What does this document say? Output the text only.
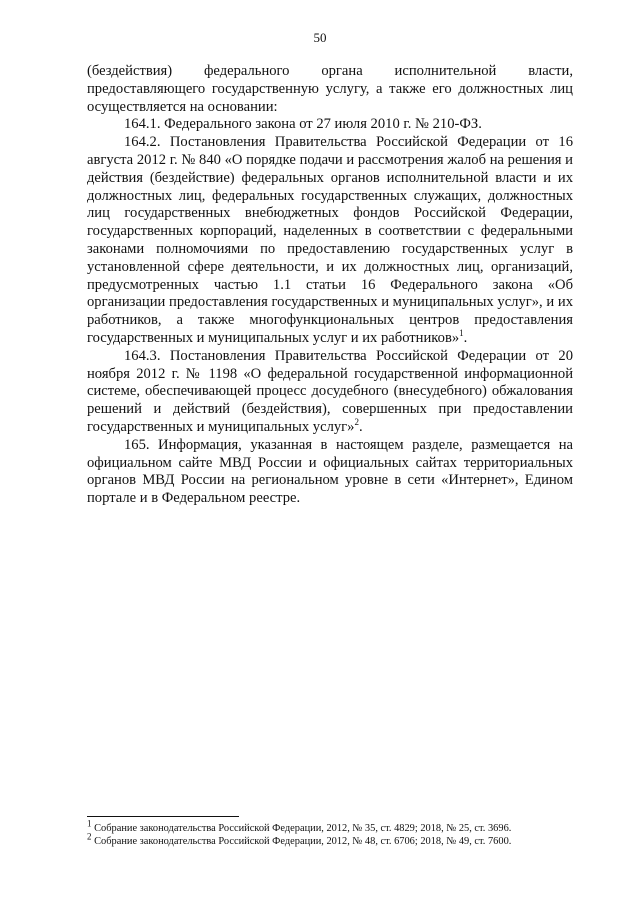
50

(бездействия) федерального органа исполнительной власти, предоставляющего государственную услугу, а также его должностных лиц осуществляется на основании:

164.1. Федерального закона от 27 июля 2010 г. № 210-ФЗ.

164.2. Постановления Правительства Российской Федерации от 16 августа 2012 г. № 840 «О порядке подачи и рассмотрения жалоб на решения и действия (бездействие) федеральных органов исполнительной власти и их должностных лиц, федеральных государственных служащих, должностных лиц государственных внебюджетных фондов Российской Федерации, государственных корпораций, наделенных в соответствии с федеральными законами полномочиями по предоставлению государственных услуг в установленной сфере деятельности, и их должностных лиц, организаций, предусмотренных частью 1.1 статьи 16 Федерального закона «Об организации предоставления государственных и муниципальных услуг», и их работников, а также многофункциональных центров предоставления государственных и муниципальных услуг и их работников»$^1$.

164.3. Постановления Правительства Российской Федерации от 20 ноября 2012 г. № 1198 «О федеральной государственной информационной системе, обеспечивающей процесс досудебного (внесудебного) обжалования решений и действий (бездействия), совершенных при предоставлении государственных и муниципальных услуг»$^2$.

165. Информация, указанная в настоящем разделе, размещается на официальном сайте МВД России и официальных сайтах территориальных органов МВД России на региональном уровне в сети «Интернет», Едином портале и в Федеральном реестре.

$^1$ Собрание законодательства Российской Федерации, 2012, № 35, ст. 4829; 2018, № 25, ст. 3696.

$^2$ Собрание законодательства Российской Федерации, 2012, № 48, ст. 6706; 2018, № 49, ст. 7600.
